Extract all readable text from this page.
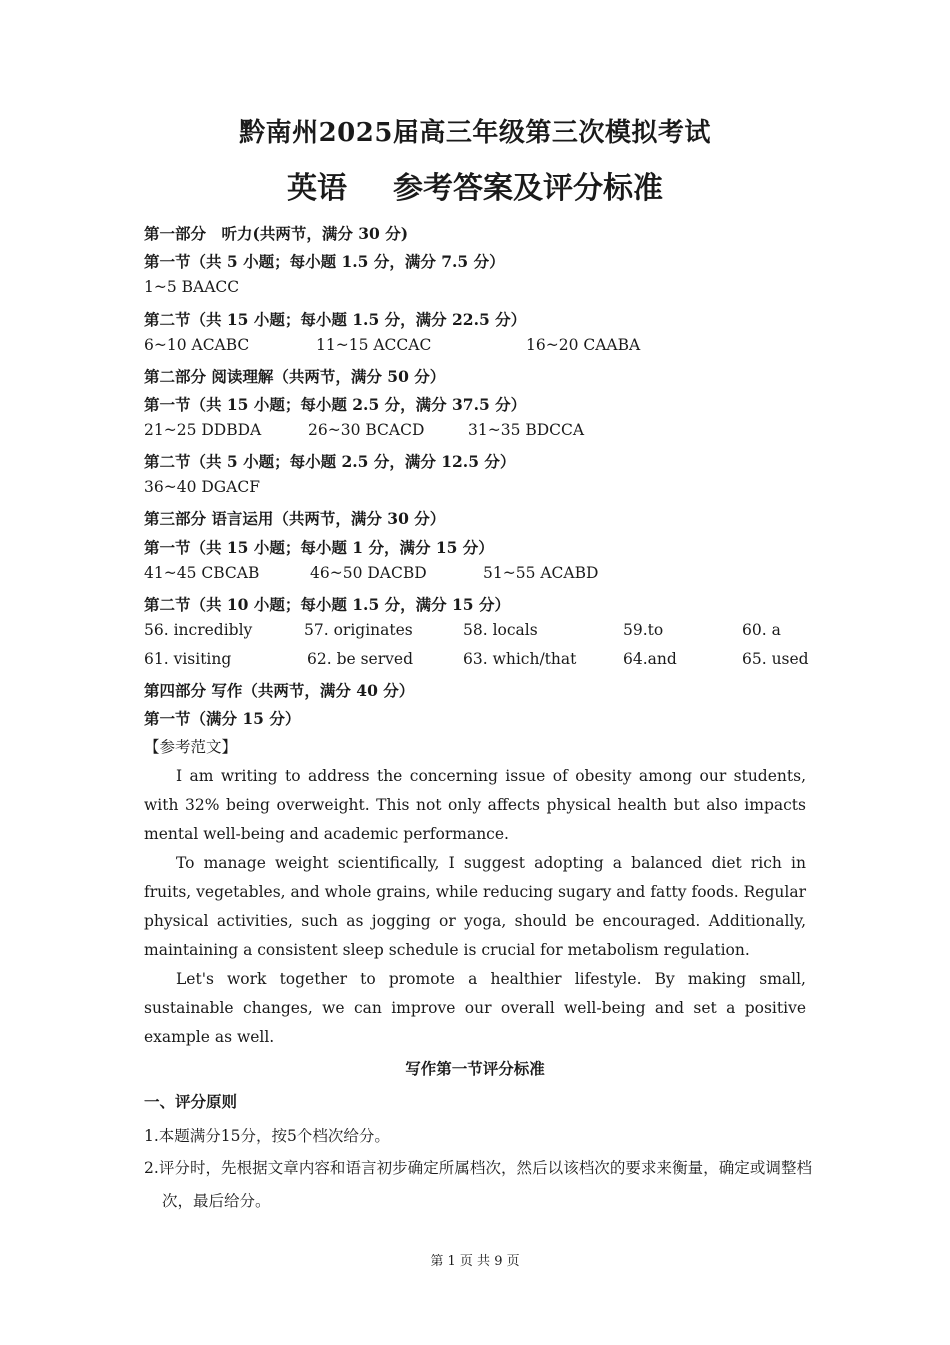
黔南州2025届高三年级第三次模拟考试
英语 参考答案及评分标准
第一部分　听力(共两节，满分 30 分)
第一节（共 5 小题；每小题 1.5 分，满分 7.5 分）
1~5 BAACC
第二节（共 15 小题；每小题 1.5 分，满分 22.5 分）
6~10 ACABC	11~15 ACCAC	16~20 CAABA
第二部分 阅读理解（共两节，满分 50 分）
第一节（共 15 小题；每小题 2.5 分，满分 37.5 分）
21~25 DDBDA	26~30 BCACD	31~35 BDCCA
第二节（共 5 小题；每小题 2.5 分，满分 12.5 分）
36~40 DGACF
第三部分 语言运用（共两节，满分 30 分）
第一节（共 15 小题；每小题 1 分，满分 15 分）
41~45 CBCAB	46~50 DACBD	51~55 ACABD
第二节（共 10 小题；每小题 1.5 分，满分 15 分）
56. incredibly	57. originates	58. locals	59.to	60. a
61. visiting	62. be served	63. which/that	64.and	65. used
第四部分 写作（共两节，满分 40 分）
第一节（满分 15 分）
【参考范文】
I am writing to address the concerning issue of obesity among our students, with 32% being overweight. This not only affects physical health but also impacts mental well-being and academic performance.
To manage weight scientifically, I suggest adopting a balanced diet rich in fruits, vegetables, and whole grains, while reducing sugary and fatty foods. Regular physical activities, such as jogging or yoga, should be encouraged. Additionally, maintaining a consistent sleep schedule is crucial for metabolism regulation.
Let's work together to promote a healthier lifestyle. By making small, sustainable changes, we can improve our overall well-being and set a positive example as well.
写作第一节评分标准
一、评分原则
1.本题满分15分，按5个档次给分。
2.评分时，先根据文章内容和语言初步确定所属档次，然后以该档次的要求来衡量，确定或调整档次，最后给分。
第 1 页 共 9 页
